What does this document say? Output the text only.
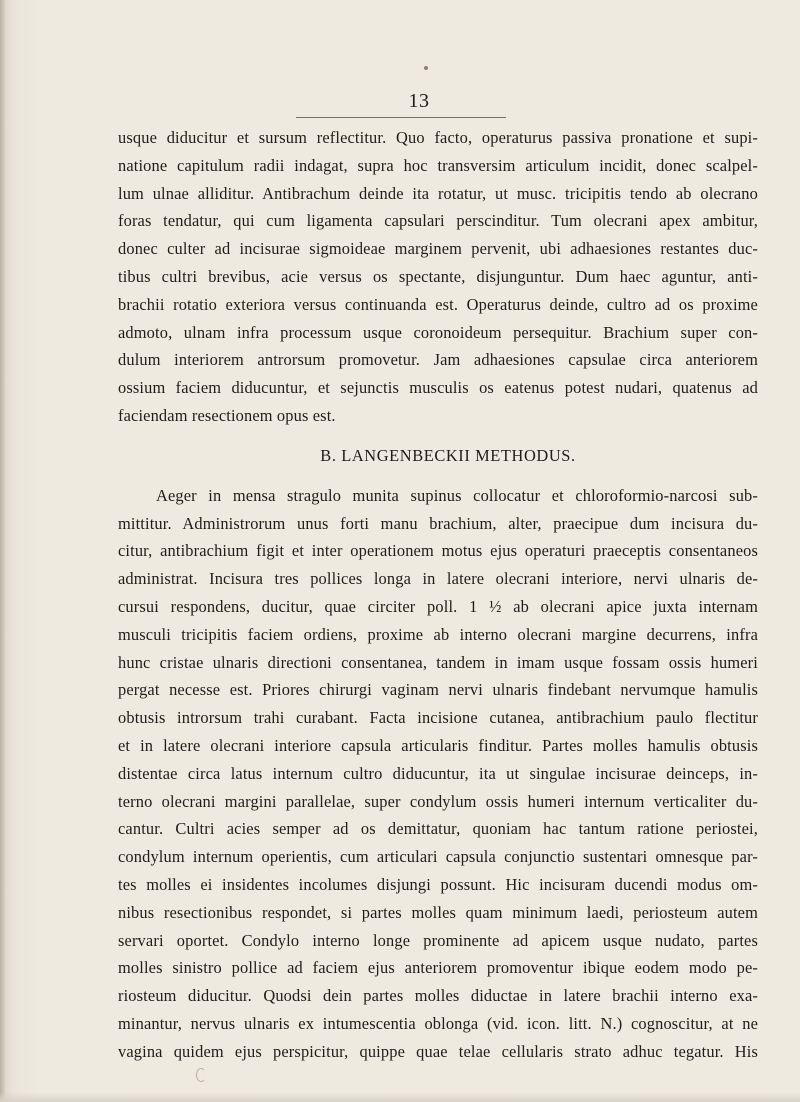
13
usque diducitur et sursum reflectitur. Quo facto, operaturus passiva pronatione et supi-
natione capitulum radii indagat, supra hoc transversim articulum incidit, donec scalpel-
lum ulnae alliditur. Antibrachum deinde ita rotatur, ut musc. tricipitis tendo ab olecrano
foras tendatur, qui cum ligamenta capsulari perscinditur. Tum olecrani apex ambitur,
donec culter ad incisurae sigmoideae marginem pervenit, ubi adhaesiones restantes duc-
tibus cultri brevibus, acie versus os spectante, disjunguntur. Dum haec aguntur, anti-
brachii rotatio exteriora versus continuanda est. Operaturus deinde, cultro ad os proxime
admoto, ulnam infra processum usque coronoideum persequitur. Brachium super con-
dulum interiorem antrorsum promovetur. Jam adhaesiones capsulae circa anteriorem
ossium faciem diducuntur, et sejunctis musculis os eatenus potest nudari, quatenus ad
faciendam resectionem opus est.
B. LANGENBECKII METHODUS.
Aeger in mensa stragulo munita supinus collocatur et chloroformio-narcosi sub-
mittitur. Administrorum unus forti manu brachium, alter, praecipue dum incisura du-
citur, antibrachium figit et inter operationem motus ejus operaturi praeceptis consentaneos
administrat. Incisura tres pollices longa in latere olecrani interiore, nervi ulnaris de-
cursui respondens, ducitur, quae circiter poll. 1 ½ ab olecrani apice juxta internam
musculi tricipitis faciem ordiens, proxime ab interno olecrani margine decurrens, infra
hunc cristae ulnaris directioni consentanea, tandem in imam usque fossam ossis humeri
pergat necesse est. Priores chirurgi vaginam nervi ulnaris findebant nervumque hamulis
obtusis introrsum trahi curabant. Facta incisione cutanea, antibrachium paulo flectitur
et in latere olecrani interiore capsula articularis finditur. Partes molles hamulis obtusis
distentae circa latus internum cultro diducuntur, ita ut singulae incisurae deinceps, in-
terno olecrani margini parallelae, super condylum ossis humeri internum verticaliter du-
cantur. Cultri acies semper ad os demittatur, quoniam hac tantum ratione periostei,
condylum internum operientis, cum articulari capsula conjunctio sustentari omnesque par-
tes molles ei insidentes incolumes disjungi possunt. Hic incisuram ducendi modus om-
nibus resectionibus respondet, si partes molles quam minimum laedi, periosteum autem
servari oportet. Condylo interno longe prominente ad apicem usque nudato, partes
molles sinistro pollice ad faciem ejus anteriorem promoventur ibique eodem modo pe-
riosteum diducitur. Quodsi dein partes molles diductae in latere brachii interno exa-
minantur, nervus ulnaris ex intumescentia oblonga (vid. icon. litt. N.) cognoscitur, at ne
vagina quidem ejus perspicitur, quippe quae telae cellularis strato adhuc tegatur. His
